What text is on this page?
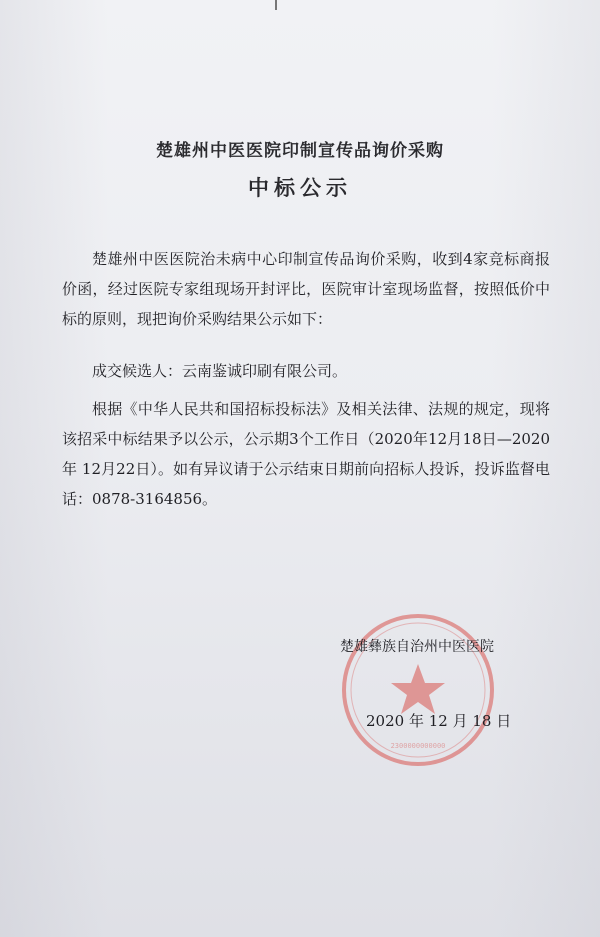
楚雄州中医医院印制宣传品询价采购
中标公示
楚雄州中医医院治未病中心印制宣传品询价采购，收到4家竞标商报价函，经过医院专家组现场开封评比，医院审计室现场监督，按照低价中标的原则，现把询价采购结果公示如下：
成交候选人：云南鉴诚印刷有限公司。
根据《中华人民共和国招标投标法》及相关法律、法规的规定，现将该招采中标结果予以公示，公示期3个工作日（2020年12月18日—2020年 12月22日）。如有异议请于公示结束日期前向招标人投诉，投诉监督电话：0878-3164856。
2300000000000
楚雄彝族自治州中医医院
2020 年 12 月 18 日
